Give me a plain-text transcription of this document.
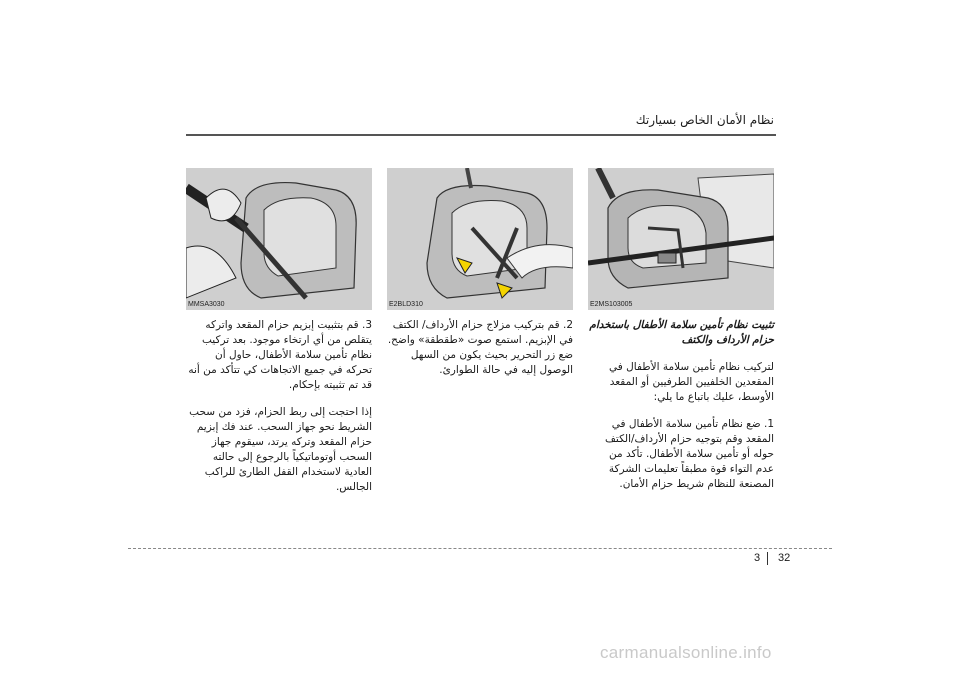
نظام الأمان الخاص بسيارتك
E2MS103005
E2BLD310
MMSA3030

تثبيت نظام تأمين سلامة الأطفال باستخدام حزام الأرداف والكتف

لتركيب نظام تأمين سلامة الأطفال في المقعدين الخلفيين الطرفيين أو المقعد الأوسط، عليك باتباع ما يلي:

1. ضع نظام تأمين سلامة الأطفال في المقعد وقم بتوجيه حزام الأرداف/الكتف حوله أو تأمين سلامة الأطفال. تأكد من عدم التواء قوة مطبقاً تعليمات الشركة المصنعة للنظام شريط حزام الأمان.

2. قم بتركيب مزلاج حزام الأرداف/ الكتف في الإبزيم. استمع صوت «طقطقة» واضح. ضع زر التحرير بحيث يكون من السهل الوصول إليه في حالة الطوارئ.

3. قم بتثبيت إبزيم حزام المقعد واتركه يتقلص من أي ارتخاء موجود. بعد تركيب نظام تأمين سلامة الأطفال، حاول أن تحركه في جميع الاتجاهات كي تتأكد من أنه قد تم تثبيته بإحكام.

إذا احتجت إلى ربط الحزام، فزد من سحب الشريط نحو جهاز السحب. عند فك إبزيم حزام المقعد وتركه يرتد، سيقوم جهاز السحب أوتوماتيكياً بالرجوع إلى حالته العادية لاستخدام القفل الطارئ للراكب الجالس.

3 32
carmanualsonline.info
